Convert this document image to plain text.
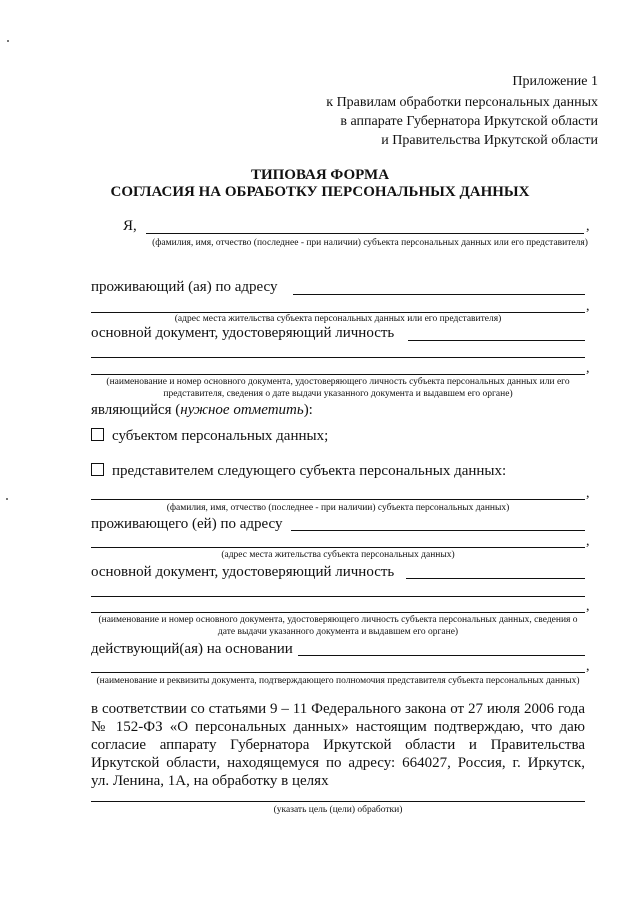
Приложение 1
к Правилам обработки персональных данных
в аппарате Губернатора Иркутской области
и Правительства Иркутской области
ТИПОВАЯ ФОРМА
СОГЛАСИЯ НА ОБРАБОТКУ ПЕРСОНАЛЬНЫХ ДАННЫХ
Я,	,
(фамилия, имя, отчество (последнее - при наличии) субъекта персональных данных или его представителя)
проживающий (ая) по адресу
,
(адрес места жительства субъекта персональных данных или его представителя)
основной документ, удостоверяющий личность
,
(наименование и номер основного документа, удостоверяющего личность субъекта персональных данных или его представителя, сведения о дате выдачи указанного документа и выдавшем его органе)
являющийся (нужное отметить):
субъектом персональных данных;
представителем следующего субъекта персональных данных:
,
(фамилия, имя, отчество (последнее - при наличии) субъекта персональных данных)
проживающего (ей) по адресу
,
(адрес места жительства субъекта персональных данных)
основной документ, удостоверяющий личность
,
(наименование и номер основного документа, удостоверяющего личность субъекта персональных данных, сведения о дате выдачи указанного документа и выдавшем его органе)
действующий(ая) на основании
,
(наименование и реквизиты документа, подтверждающего полномочия представителя субъекта персональных данных)
в соответствии со статьями 9 – 11 Федерального закона от 27 июля 2006 года
№ 152-ФЗ «О персональных данных» настоящим подтверждаю, что даю
согласие аппарату Губернатора Иркутской области и Правительства
Иркутской области, находящемуся по адресу: 664027, Россия, г. Иркутск,
ул. Ленина, 1А, на обработку в целях
(указать цель (цели) обработки)
